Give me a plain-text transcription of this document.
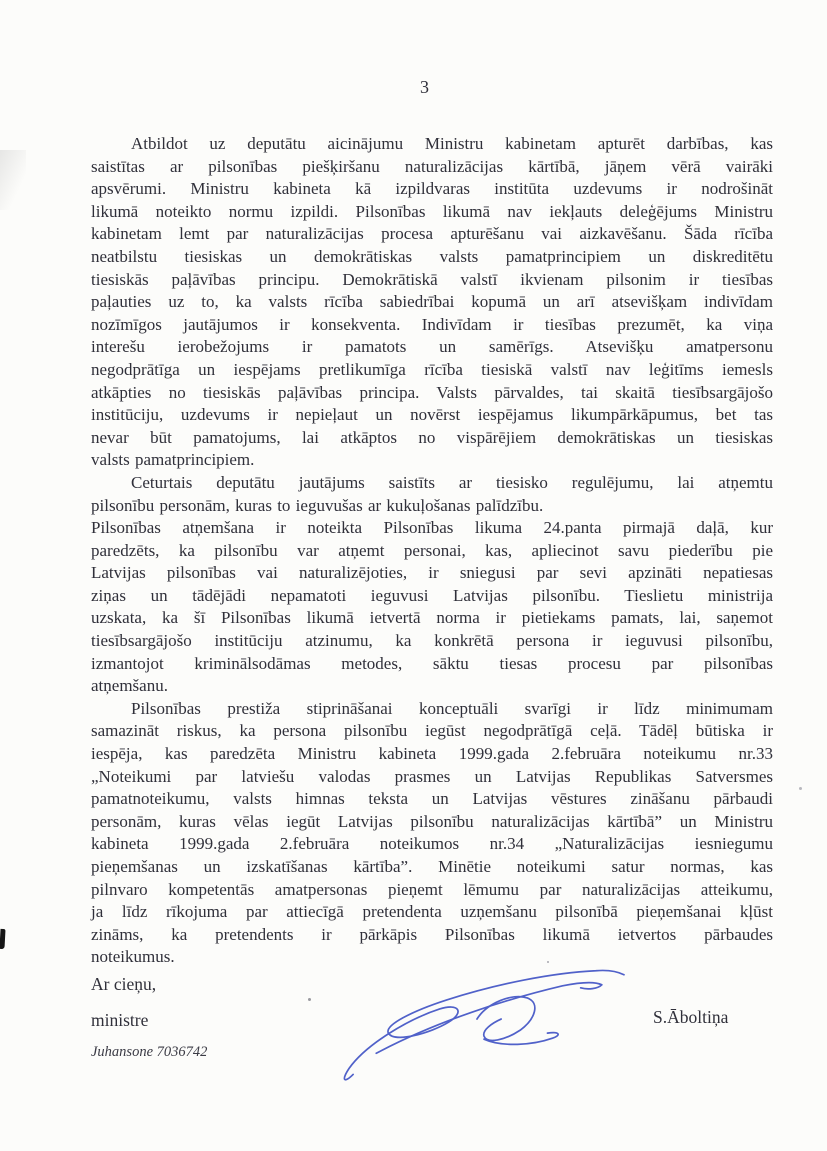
3
Atbildot uz deputātu aicinājumu Ministru kabinetam apturēt darbības, kas
saistītas ar pilsonības piešķiršanu naturalizācijas kārtībā, jāņem vērā vairāki
apsvērumi. Ministru kabineta kā izpildvaras institūta uzdevums ir nodrošināt
likumā noteikto normu izpildi. Pilsonības likumā nav iekļauts deleģējums Ministru
kabinetam lemt par naturalizācijas procesa apturēšanu vai aizkavēšanu. Šāda rīcība
neatbilstu tiesiskas un demokrātiskas valsts pamatprincipiem un diskreditētu
tiesiskās paļāvības principu. Demokrātiskā valstī ikvienam pilsonim ir tiesības
paļauties uz to, ka valsts rīcība sabiedrībai kopumā un arī atsevišķam indivīdam
nozīmīgos jautājumos ir konsekventa. Indivīdam ir tiesības prezumēt, ka viņa
interešu ierobežojums ir pamatots un samērīgs. Atsevišķu amatpersonu
negodprātīga un iespējams pretlikumīga rīcība tiesiskā valstī nav leģitīms iemesls
atkāpties no tiesiskās paļāvības principa. Valsts pārvaldes, tai skaitā tiesībsargājošo
institūciju, uzdevums ir nepieļaut un novērst iespējamus likumpārkāpumus, bet tas
nevar būt pamatojums, lai atkāptos no vispārējiem demokrātiskas un tiesiskas
valsts pamatprincipiem.
Ceturtais deputātu jautājums saistīts ar tiesisko regulējumu, lai atņemtu
pilsonību personām, kuras to ieguvušas ar kukuļošanas palīdzību.
Pilsonības atņemšana ir noteikta Pilsonības likuma 24.panta pirmajā daļā, kur
paredzēts, ka pilsonību var atņemt personai, kas, apliecinot savu piederību pie
Latvijas pilsonības vai naturalizējoties, ir sniegusi par sevi apzināti nepatiesas
ziņas un tādējādi nepamatoti ieguvusi Latvijas pilsonību. Tieslietu ministrija
uzskata, ka šī Pilsonības likumā ietvertā norma ir pietiekams pamats, lai, saņemot
tiesībsargājošo institūciju atzinumu, ka konkrētā persona ir ieguvusi pilsonību,
izmantojot kriminālsodāmas metodes, sāktu tiesas procesu par pilsonības
atņemšanu.
Pilsonības prestiža stiprināšanai konceptuāli svarīgi ir līdz minimumam
samazināt riskus, ka persona pilsonību iegūst negodprātīgā ceļā. Tādēļ būtiska ir
iespēja, kas paredzēta Ministru kabineta 1999.gada 2.februāra noteikumu nr.33
„Noteikumi par latviešu valodas prasmes un Latvijas Republikas Satversmes
pamatnoteikumu, valsts himnas teksta un Latvijas vēstures zināšanu pārbaudi
personām, kuras vēlas iegūt Latvijas pilsonību naturalizācijas kārtībā” un Ministru
kabineta 1999.gada 2.februāra noteikumos nr.34 „Naturalizācijas iesniegumu
pieņemšanas un izskatīšanas kārtība”. Minētie noteikumi satur normas, kas
pilnvaro kompetentās amatpersonas pieņemt lēmumu par naturalizācijas atteikumu,
ja līdz rīkojuma par attiecīgā pretendenta uzņemšanu pilsonībā pieņemšanai kļūst
zināms, ka pretendents ir pārkāpis Pilsonības likumā ietvertos pārbaudes
noteikumus.
Ar cieņu,
ministre
Juhansone 7036742
S.Āboltiņa
